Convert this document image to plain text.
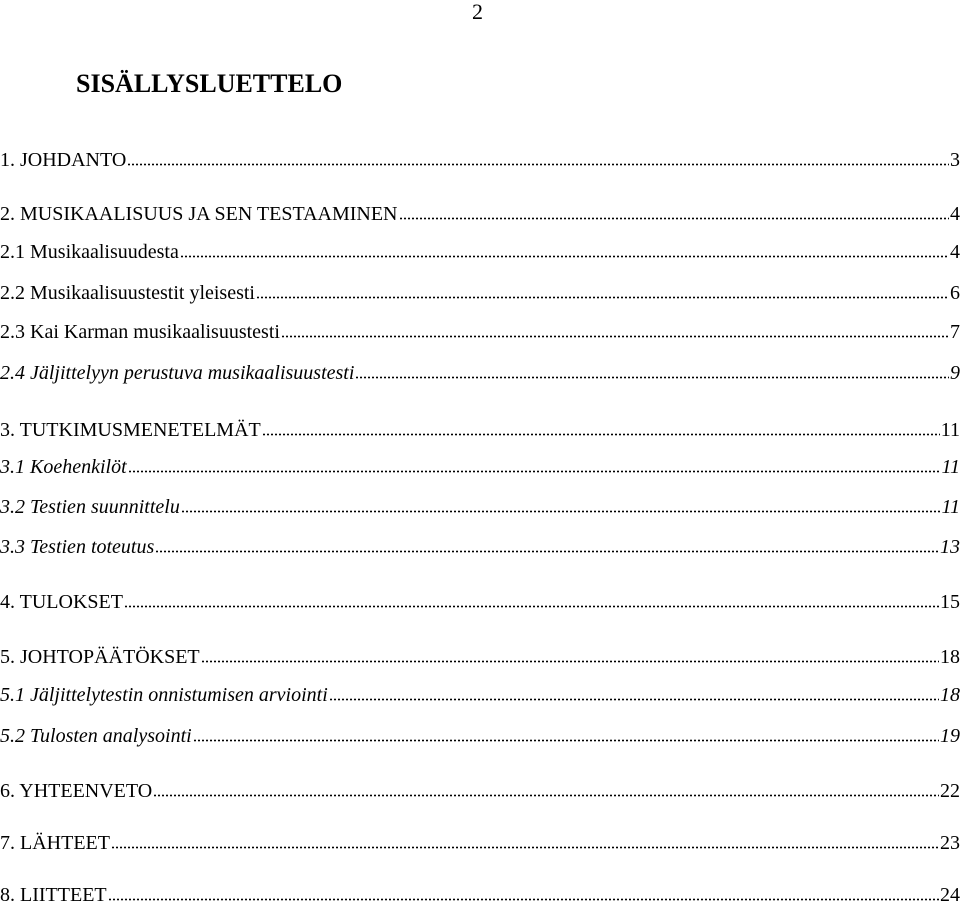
2
SISÄLLYSLUETTELO
1. JOHDANTO	3
2. MUSIKAALISUUS JA SEN TESTAAMINEN	4
2.1 Musikaalisuudesta	4
2.2 Musikaalisuustestit yleisesti	6
2.3 Kai Karman musikaalisuustesti	7
2.4 Jäljittelyyn perustuva musikaalisuustesti	9
3. TUTKIMUSMENETELMÄT	11
3.1 Koehenkilöt	11
3.2 Testien suunnittelu	11
3.3 Testien toteutus	13
4. TULOKSET	15
5. JOHTOPÄÄTÖKSET	18
5.1 Jäljittelytestin onnistumisen arviointi	18
5.2 Tulosten analysointi	19
6. YHTEENVETO	22
7. LÄHTEET	23
8. LIITTEET	24
